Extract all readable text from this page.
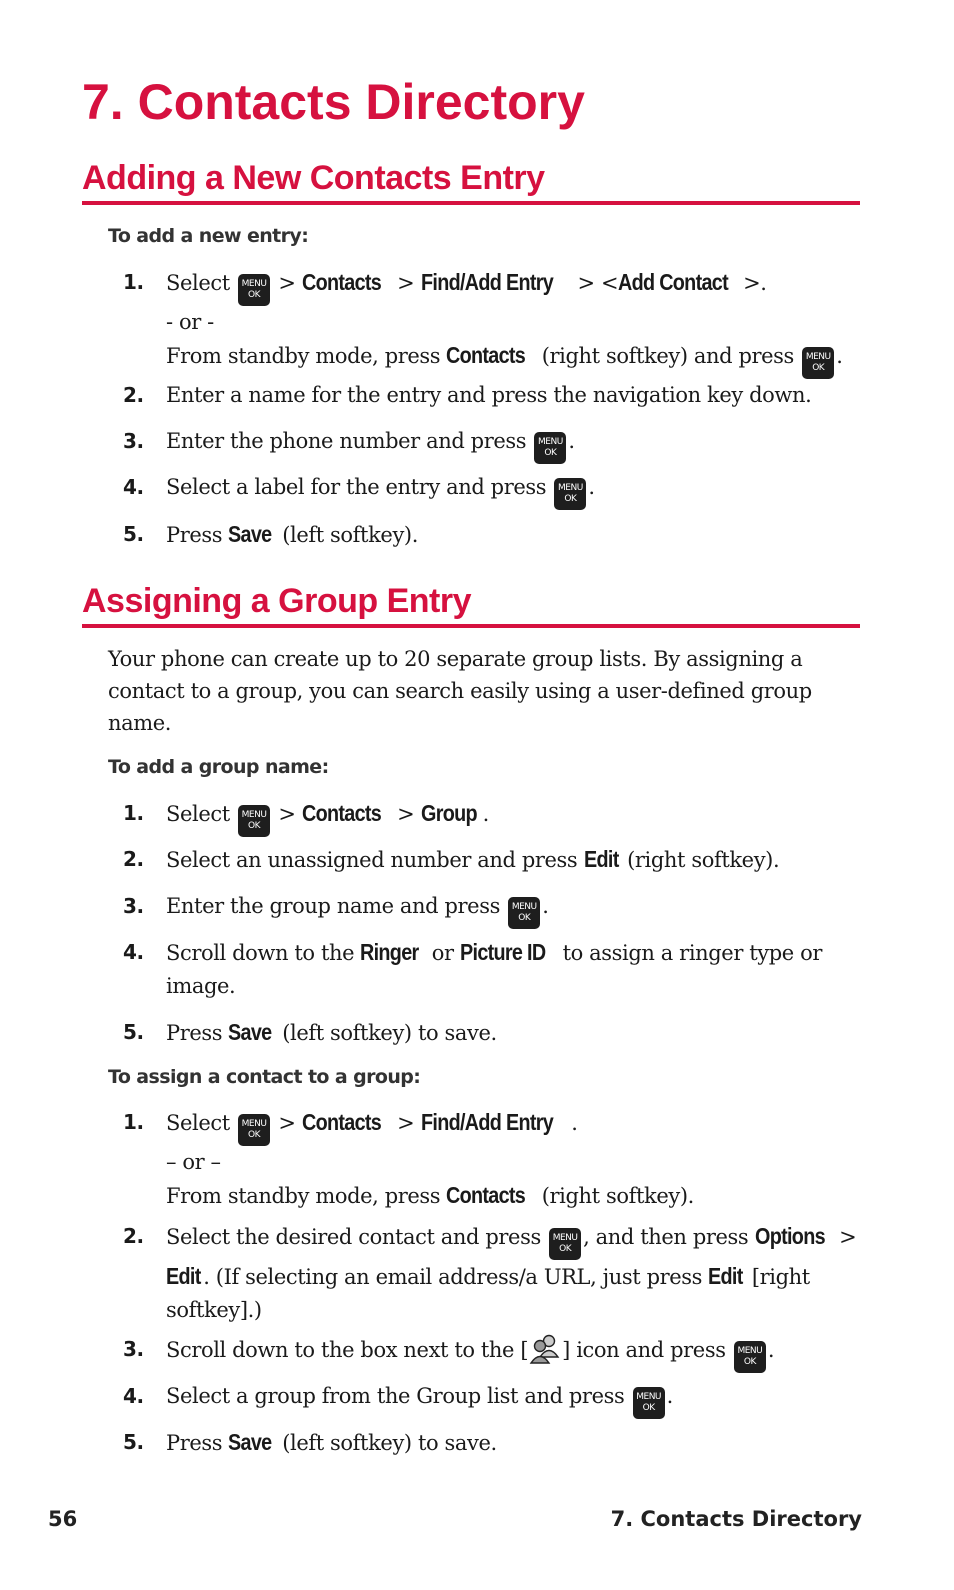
7. Contacts Directory
Adding a New Contacts Entry
To add a new entry:
1.	Select MENU
OK > Contacts > Find/Add Entry > <Add Contact >.
- or -
From standby mode, press Contacts (right softkey) and press MENU
OK .
2.	Enter a name for the entry and press the navigation key down.
3.	Enter the phone number and press MENU
OK .
4.	Select a label for the entry and press MENU
OK .
5.	Press Save (left softkey).
Assigning a Group Entry

Your phone can create up to 20 separate group lists. By assigning a contact to a group, you can search easily using a user-defined group name.

To add a group name:
1.	Select MENU
OK > Contacts > Group .
2.	Select an unassigned number and press Edit (right softkey).
3.	Enter the group name and press MENU
OK .
4.	Scroll down to the Ringer or Picture ID to assign a ringer type or image.
5.	Press Save (left softkey) to save.
To assign a contact to a group:
1.	Select MENU
OK > Contacts > Find/Add Entry .
– or –
From standby mode, press Contacts (right softkey).
2.	Select the desired contact and press MENU
OK , and then press Options > Edit . (If selecting an email address/a URL, just press Edit [right softkey].)
3.	Scroll down to the box next to the [ ] icon and press MENU
OK .
4.	Select a group from the Group list and press MENU
OK .
5.	Press Save (left softkey) to save.
56	7. Contacts Directory
